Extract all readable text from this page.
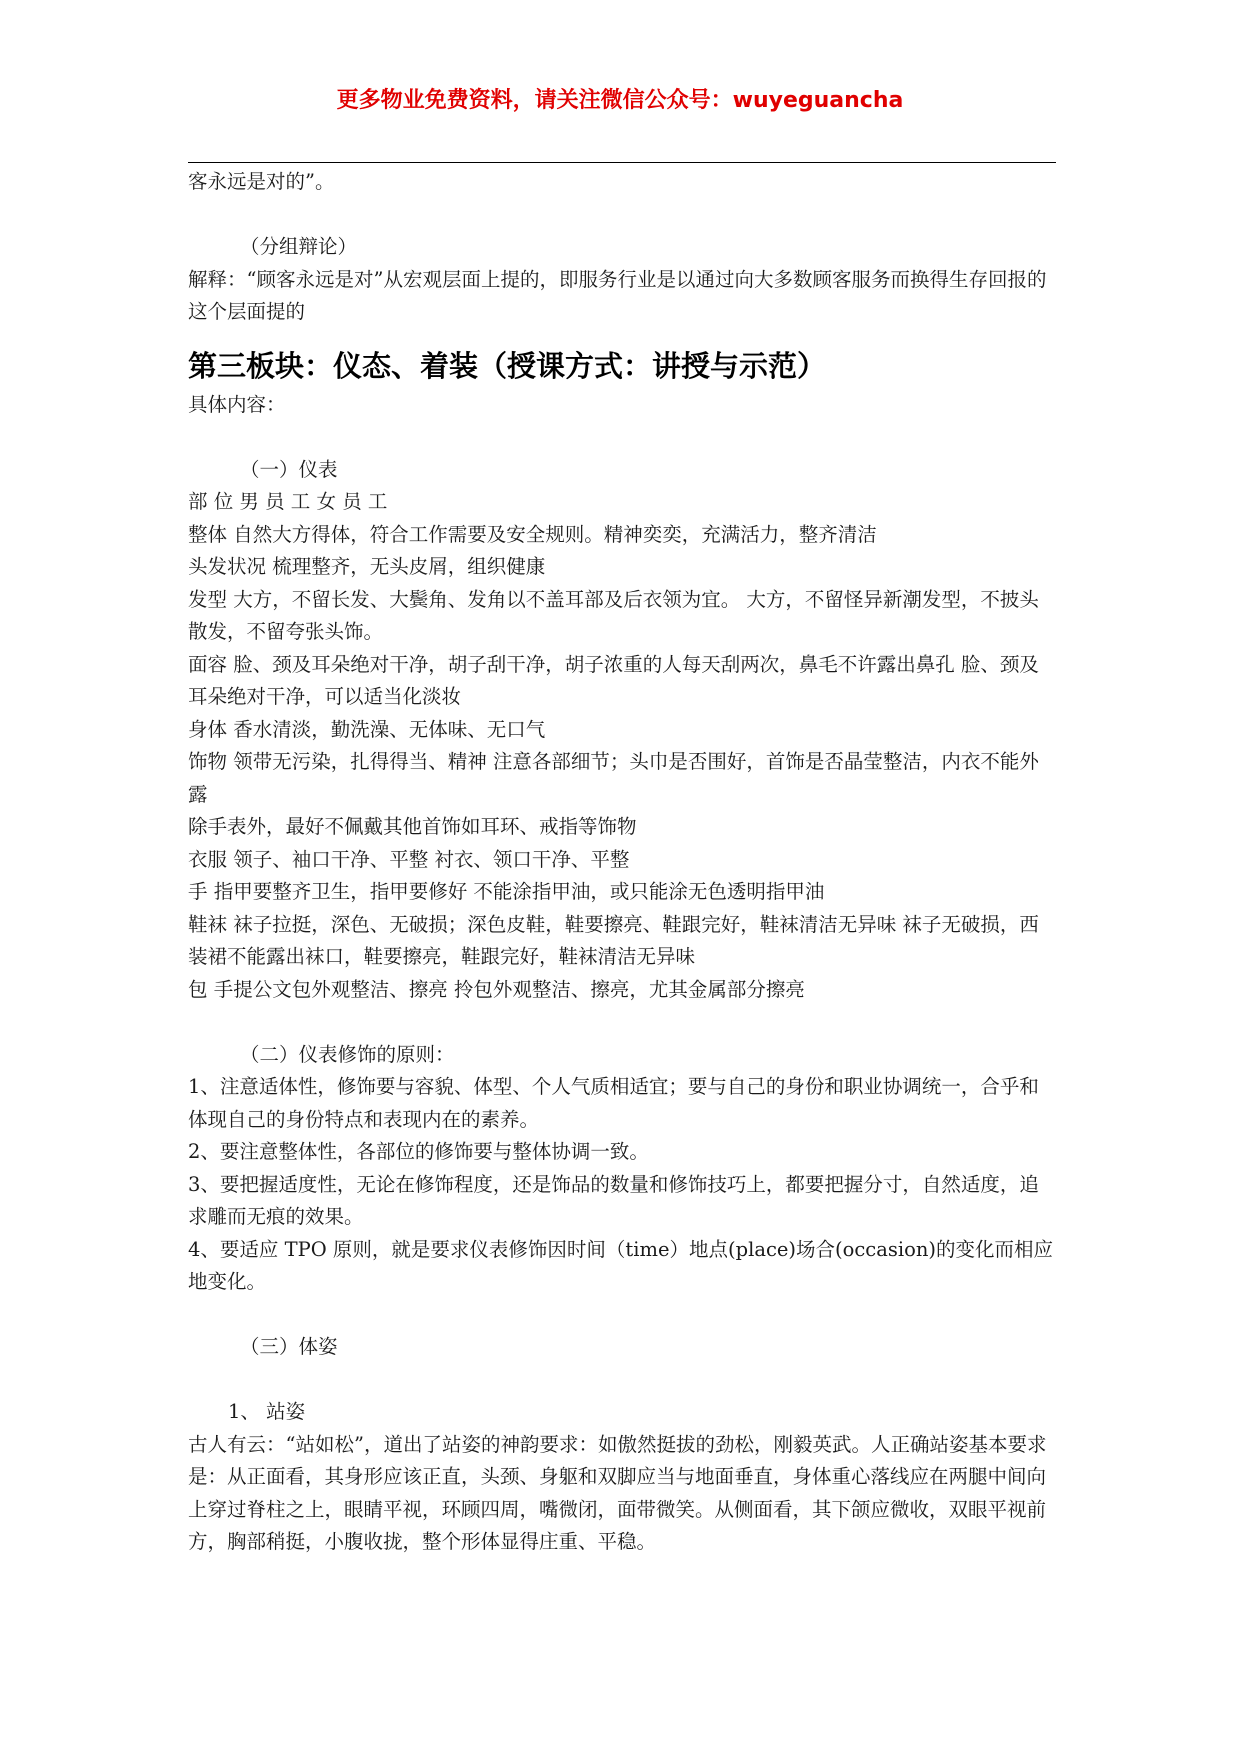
更多物业免费资料，请关注微信公众号：wuyeguancha

客永远是对的”。

（分组辩论）

解释：“顾客永远是对”从宏观层面上提的，即服务行业是以通过向大多数顾客服务而换得生存回报的这个层面提的

第三板块：仪态、着装（授课方式：讲授与示范）

具体内容：

（一）仪表

部 位 男 员 工 女 员 工

整体 自然大方得体，符合工作需要及安全规则。精神奕奕，充满活力，整齐清洁

头发状况 梳理整齐，无头皮屑，组织健康

发型 大方，不留长发、大鬓角、发角以不盖耳部及后衣领为宜。 大方，不留怪异新潮发型，不披头散发，不留夸张头饰。

面容 脸、颈及耳朵绝对干净，胡子刮干净，胡子浓重的人每天刮两次，鼻毛不许露出鼻孔 脸、颈及耳朵绝对干净，可以适当化淡妆

身体 香水清淡，勤洗澡、无体味、无口气

饰物 领带无污染，扎得得当、精神 注意各部细节；头巾是否围好，首饰是否晶莹整洁，内衣不能外露

除手表外，最好不佩戴其他首饰如耳环、戒指等饰物

衣服 领子、袖口干净、平整 衬衣、领口干净、平整

手 指甲要整齐卫生，指甲要修好 不能涂指甲油，或只能涂无色透明指甲油

鞋袜 袜子拉挺，深色、无破损；深色皮鞋，鞋要擦亮、鞋跟完好，鞋袜清洁无异味 袜子无破损，西装裙不能露出袜口，鞋要擦亮，鞋跟完好，鞋袜清洁无异味

包 手提公文包外观整洁、擦亮 拎包外观整洁、擦亮，尤其金属部分擦亮

（二）仪表修饰的原则：

1、注意适体性，修饰要与容貌、体型、个人气质相适宜；要与自己的身份和职业协调统一，合乎和体现自己的身份特点和表现内在的素养。

2、要注意整体性，各部位的修饰要与整体协调一致。

3、要把握适度性，无论在修饰程度，还是饰品的数量和修饰技巧上，都要把握分寸，自然适度，追求雕而无痕的效果。

4、要适应 TPO 原则，就是要求仪表修饰因时间（time）地点(place)场合(occasion)的变化而相应地变化。

（三）体姿

1、 站姿

古人有云：“站如松”，道出了站姿的神韵要求：如傲然挺拔的劲松，刚毅英武。人正确站姿基本要求是：从正面看，其身形应该正直，头颈、身躯和双脚应当与地面垂直，身体重心落线应在两腿中间向上穿过脊柱之上，眼睛平视，环顾四周，嘴微闭，面带微笑。从侧面看，其下颌应微收，双眼平视前方，胸部稍挺，小腹收拢，整个形体显得庄重、平稳。
